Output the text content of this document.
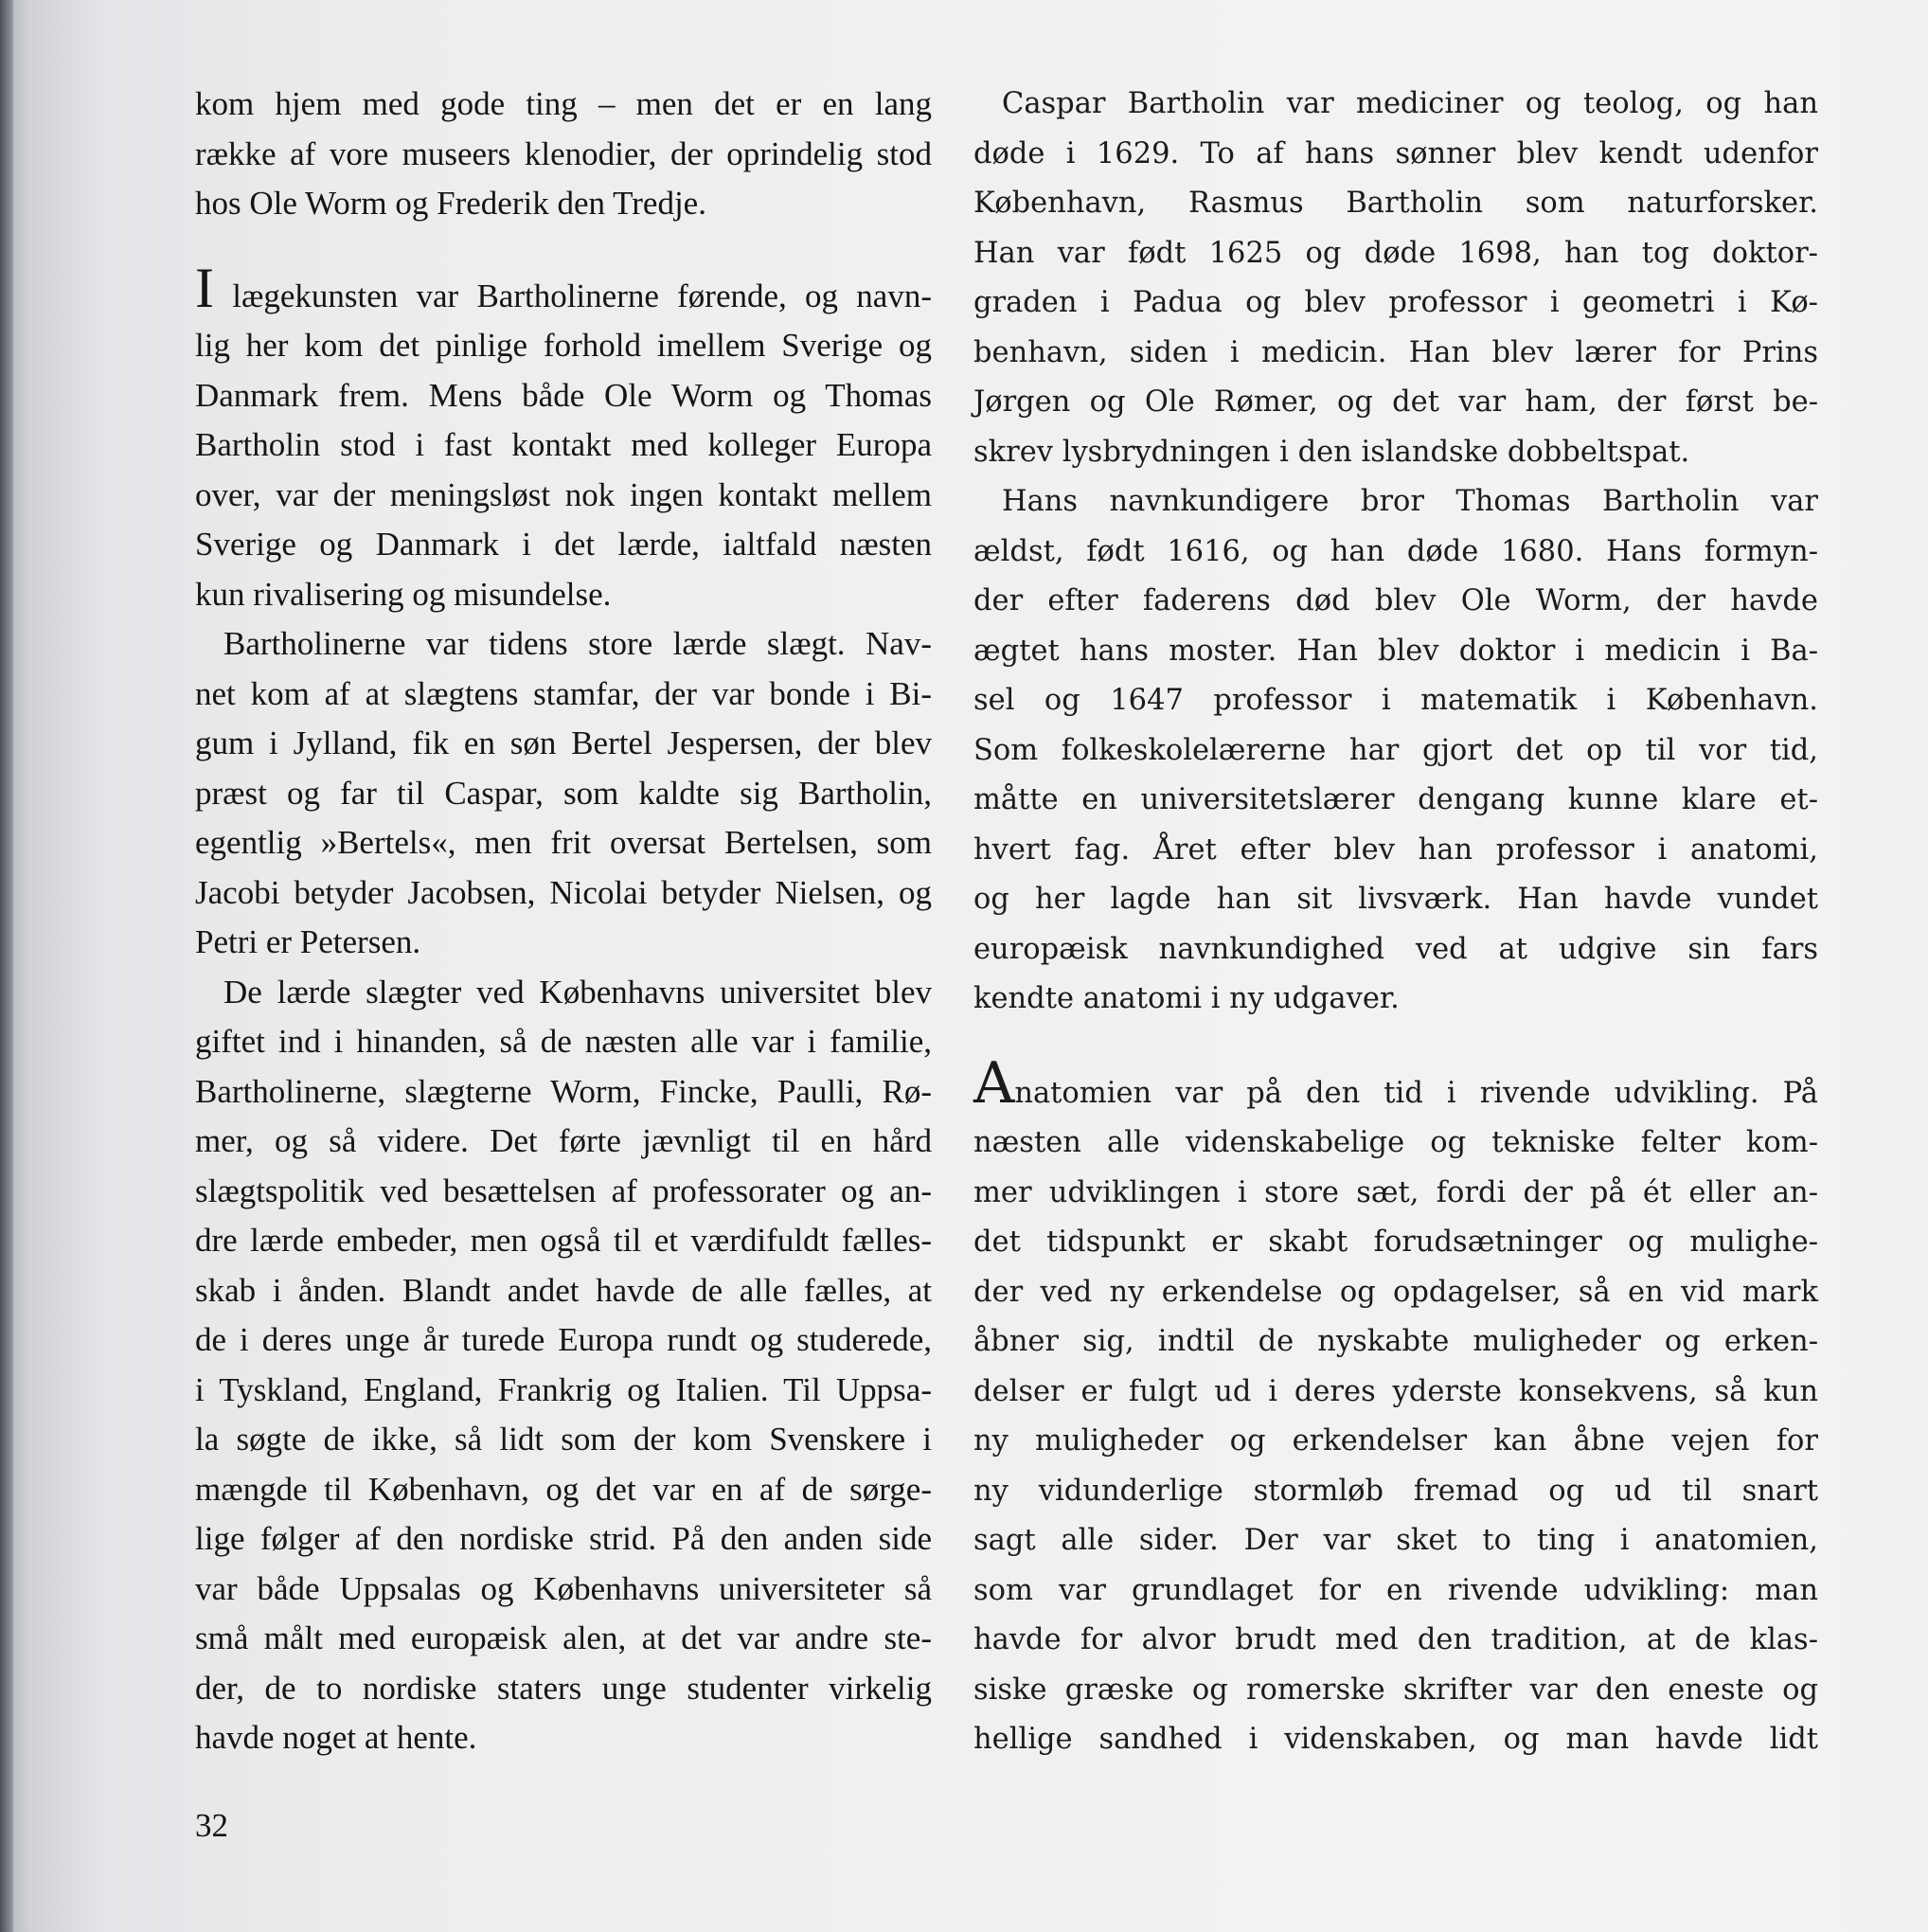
kom hjem med gode ting – men det er en lang

række af vore museers klenodier, der oprindelig stod

hos Ole Worm og Frederik den Tredje.

I lægekunsten var Bartholinerne førende, og navn-

lig her kom det pinlige forhold imellem Sverige og

Danmark frem. Mens både Ole Worm og Thomas

Bartholin stod i fast kontakt med kolleger Europa

over, var der meningsløst nok ingen kontakt mellem

Sverige og Danmark i det lærde, ialtfald næsten

kun rivalisering og misundelse.

Bartholinerne var tidens store lærde slægt. Nav-

net kom af at slægtens stamfar, der var bonde i Bi-

gum i Jylland, fik en søn Bertel Jespersen, der blev

præst og far til Caspar, som kaldte sig Bartholin,

egentlig »Bertels«, men frit oversat Bertelsen, som

Jacobi betyder Jacobsen, Nicolai betyder Nielsen, og

Petri er Petersen.

De lærde slægter ved Københavns universitet blev

giftet ind i hinanden, så de næsten alle var i familie,

Bartholinerne, slægterne Worm, Fincke, Paulli, Rø-

mer, og så videre. Det førte jævnligt til en hård

slægtspolitik ved besættelsen af professorater og an-

dre lærde embeder, men også til et værdifuldt fælles-

skab i ånden. Blandt andet havde de alle fælles, at

de i deres unge år turede Europa rundt og studerede,

i Tyskland, England, Frankrig og Italien. Til Uppsa-

la søgte de ikke, så lidt som der kom Svenskere i

mængde til København, og det var en af de sørge-

lige følger af den nordiske strid. På den anden side

var både Uppsalas og Københavns universiteter så

små målt med europæisk alen, at det var andre ste-

der, de to nordiske staters unge studenter virkelig

havde noget at hente.

Caspar Bartholin var mediciner og teolog, og han

døde i 1629. To af hans sønner blev kendt udenfor

København, Rasmus Bartholin som naturforsker.

Han var født 1625 og døde 1698, han tog doktor-

graden i Padua og blev professor i geometri i Kø-

benhavn, siden i medicin. Han blev lærer for Prins

Jørgen og Ole Rømer, og det var ham, der først be-

skrev lysbrydningen i den islandske dobbeltspat.

Hans navnkundigere bror Thomas Bartholin var

ældst, født 1616, og han døde 1680. Hans formyn-

der efter faderens død blev Ole Worm, der havde

ægtet hans moster. Han blev doktor i medicin i Ba-

sel og 1647 professor i matematik i København.

Som folkeskolelærerne har gjort det op til vor tid,

måtte en universitetslærer dengang kunne klare et-

hvert fag. Året efter blev han professor i anatomi,

og her lagde han sit livsværk. Han havde vundet

europæisk navnkundighed ved at udgive sin fars

kendte anatomi i ny udgaver.

Anatomien var på den tid i rivende udvikling. På

næsten alle videnskabelige og tekniske felter kom-

mer udviklingen i store sæt, fordi der på ét eller an-

det tidspunkt er skabt forudsætninger og mulighe-

der ved ny erkendelse og opdagelser, så en vid mark

åbner sig, indtil de nyskabte muligheder og erken-

delser er fulgt ud i deres yderste konsekvens, så kun

ny muligheder og erkendelser kan åbne vejen for

ny vidunderlige stormløb fremad og ud til snart

sagt alle sider. Der var sket to ting i anatomien,

som var grundlaget for en rivende udvikling: man

havde for alvor brudt med den tradition, at de klas-

siske græske og romerske skrifter var den eneste og

hellige sandhed i videnskaben, og man havde lidt

32
